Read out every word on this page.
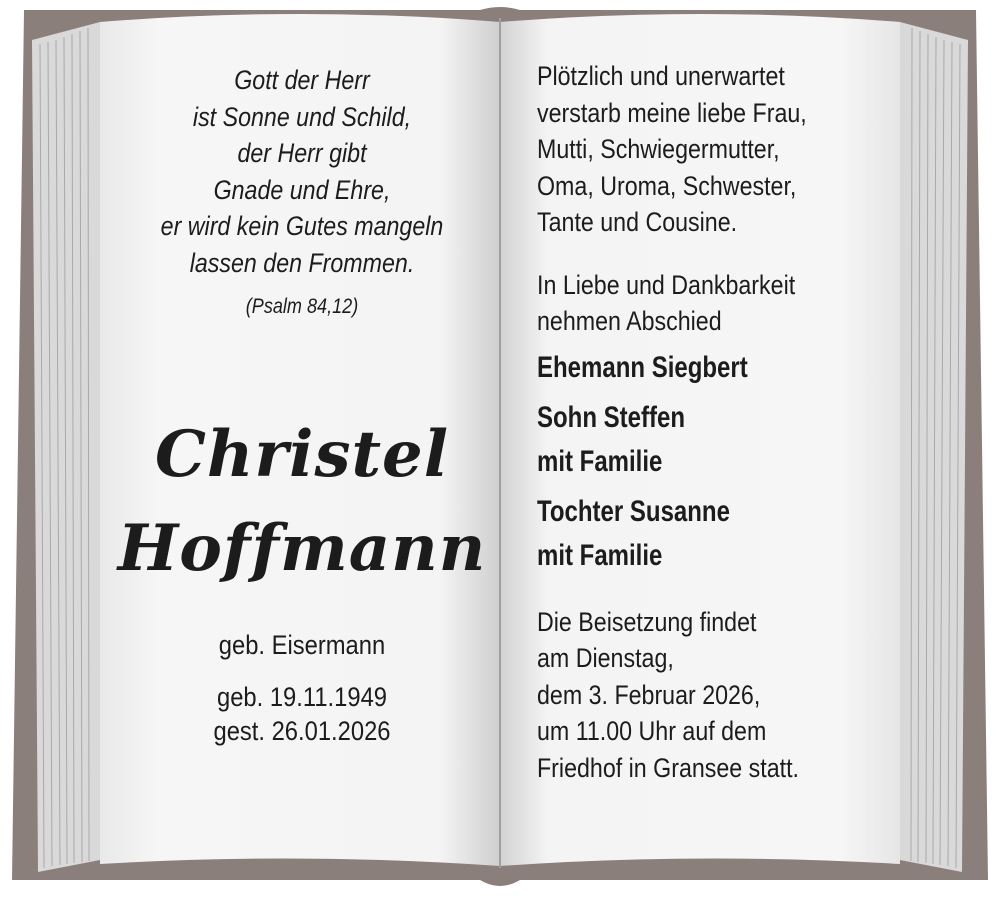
Gott der Herr
ist Sonne und Schild,
der Herr gibt
Gnade und Ehre,
er wird kein Gutes mangeln
lassen den Frommen.
(Psalm 84,12)
Christel
Hoffmann
geb. Eisermann
geb. 19.11.1949
gest. 26.01.2026
Plötzlich und unerwartet
verstarb meine liebe Frau,
Mutti, Schwiegermutter,
Oma, Uroma, Schwester,
Tante und Cousine.
In Liebe und Dankbarkeit
nehmen Abschied
Ehemann Siegbert
Sohn Steffen
mit Familie
Tochter Susanne
mit Familie
Die Beisetzung findet
am Dienstag,
dem 3. Februar 2026,
um 11.00 Uhr auf dem
Friedhof in Gransee statt.
